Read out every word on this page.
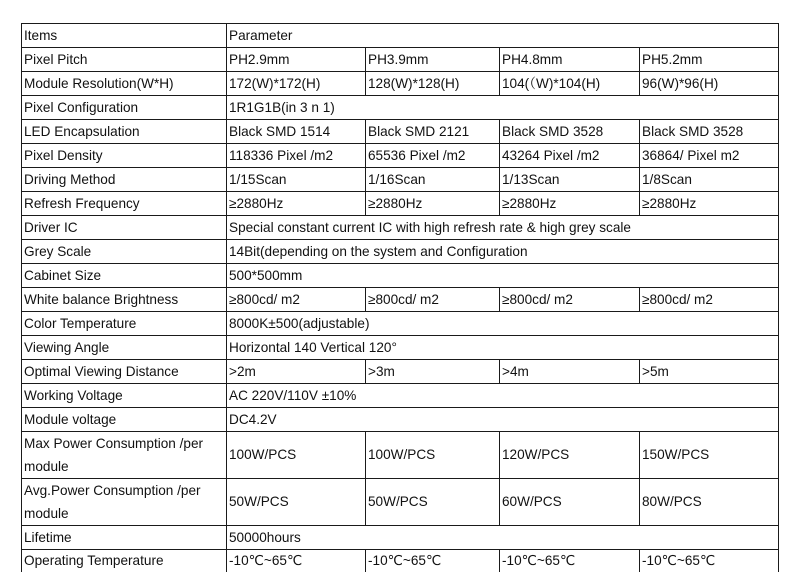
Items	Parameter			
Pixel Pitch	PH2.9mm	PH3.9mm	PH4.8mm	PH5.2mm
Module Resolution(W*H)	172(W)*172(H)	128(W)*128(H)	104(（W)*104(H)	96(W)*96(H)
Pixel Configuration	1R1G1B(in 3 n 1)			
LED Encapsulation	Black SMD 1514	Black SMD 2121	Black SMD 3528	Black SMD 3528
Pixel Density	118336 Pixel /m2	65536 Pixel /m2	43264 Pixel /m2	36864/ Pixel m2
Driving Method	1/15Scan	1/16Scan	1/13Scan	1/8Scan
Refresh Frequency	≥2880Hz	≥2880Hz	≥2880Hz	≥2880Hz
Driver IC	Special constant current IC with high refresh rate & high grey scale			
Grey Scale	14Bit(depending on the system and Configuration			
Cabinet Size	500*500mm			
White balance Brightness	≥800cd/ m2	≥800cd/ m2	≥800cd/ m2	≥800cd/ m2
Color Temperature	8000K±500(adjustable)			
Viewing Angle	Horizontal 140 Vertical 120°			
Optimal Viewing Distance	>2m	>3m	>4m	>5m
Working Voltage	AC 220V/110V ±10%			
Module voltage	DC4.2V			
Max Power Consumption /per module	100W/PCS	100W/PCS	120W/PCS	150W/PCS
Avg.Power Consumption /per module	50W/PCS	50W/PCS	60W/PCS	80W/PCS
Lifetime	50000hours			
Operating Temperature	-10℃~65℃	-10℃~65℃	-10℃~65℃	-10℃~65℃
